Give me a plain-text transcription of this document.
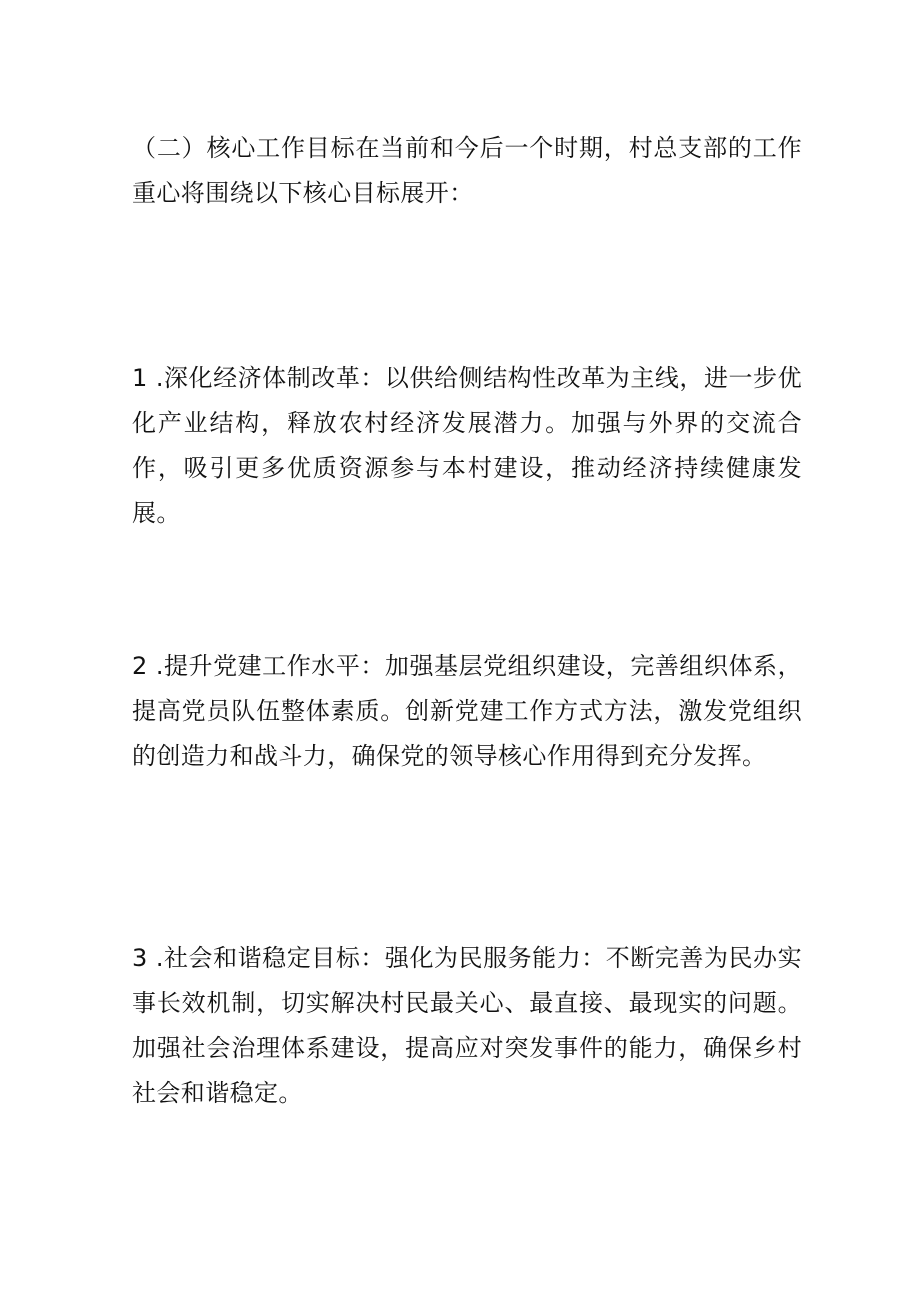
（二）核心工作目标在当前和今后一个时期，村总支部的工作重心将围绕以下核心目标展开：

1 .深化经济体制改革：以供给侧结构性改革为主线，进一步优化产业结构，释放农村经济发展潜力。加强与外界的交流合作，吸引更多优质资源参与本村建设，推动经济持续健康发展。

2 .提升党建工作水平：加强基层党组织建设，完善组织体系，提高党员队伍整体素质。创新党建工作方式方法，激发党组织的创造力和战斗力，确保党的领导核心作用得到充分发挥。

3 .社会和谐稳定目标：强化为民服务能力：不断完善为民办实事长效机制，切实解决村民最关心、最直接、最现实的问题。加强社会治理体系建设，提高应对突发事件的能力，确保乡村社会和谐稳定。
